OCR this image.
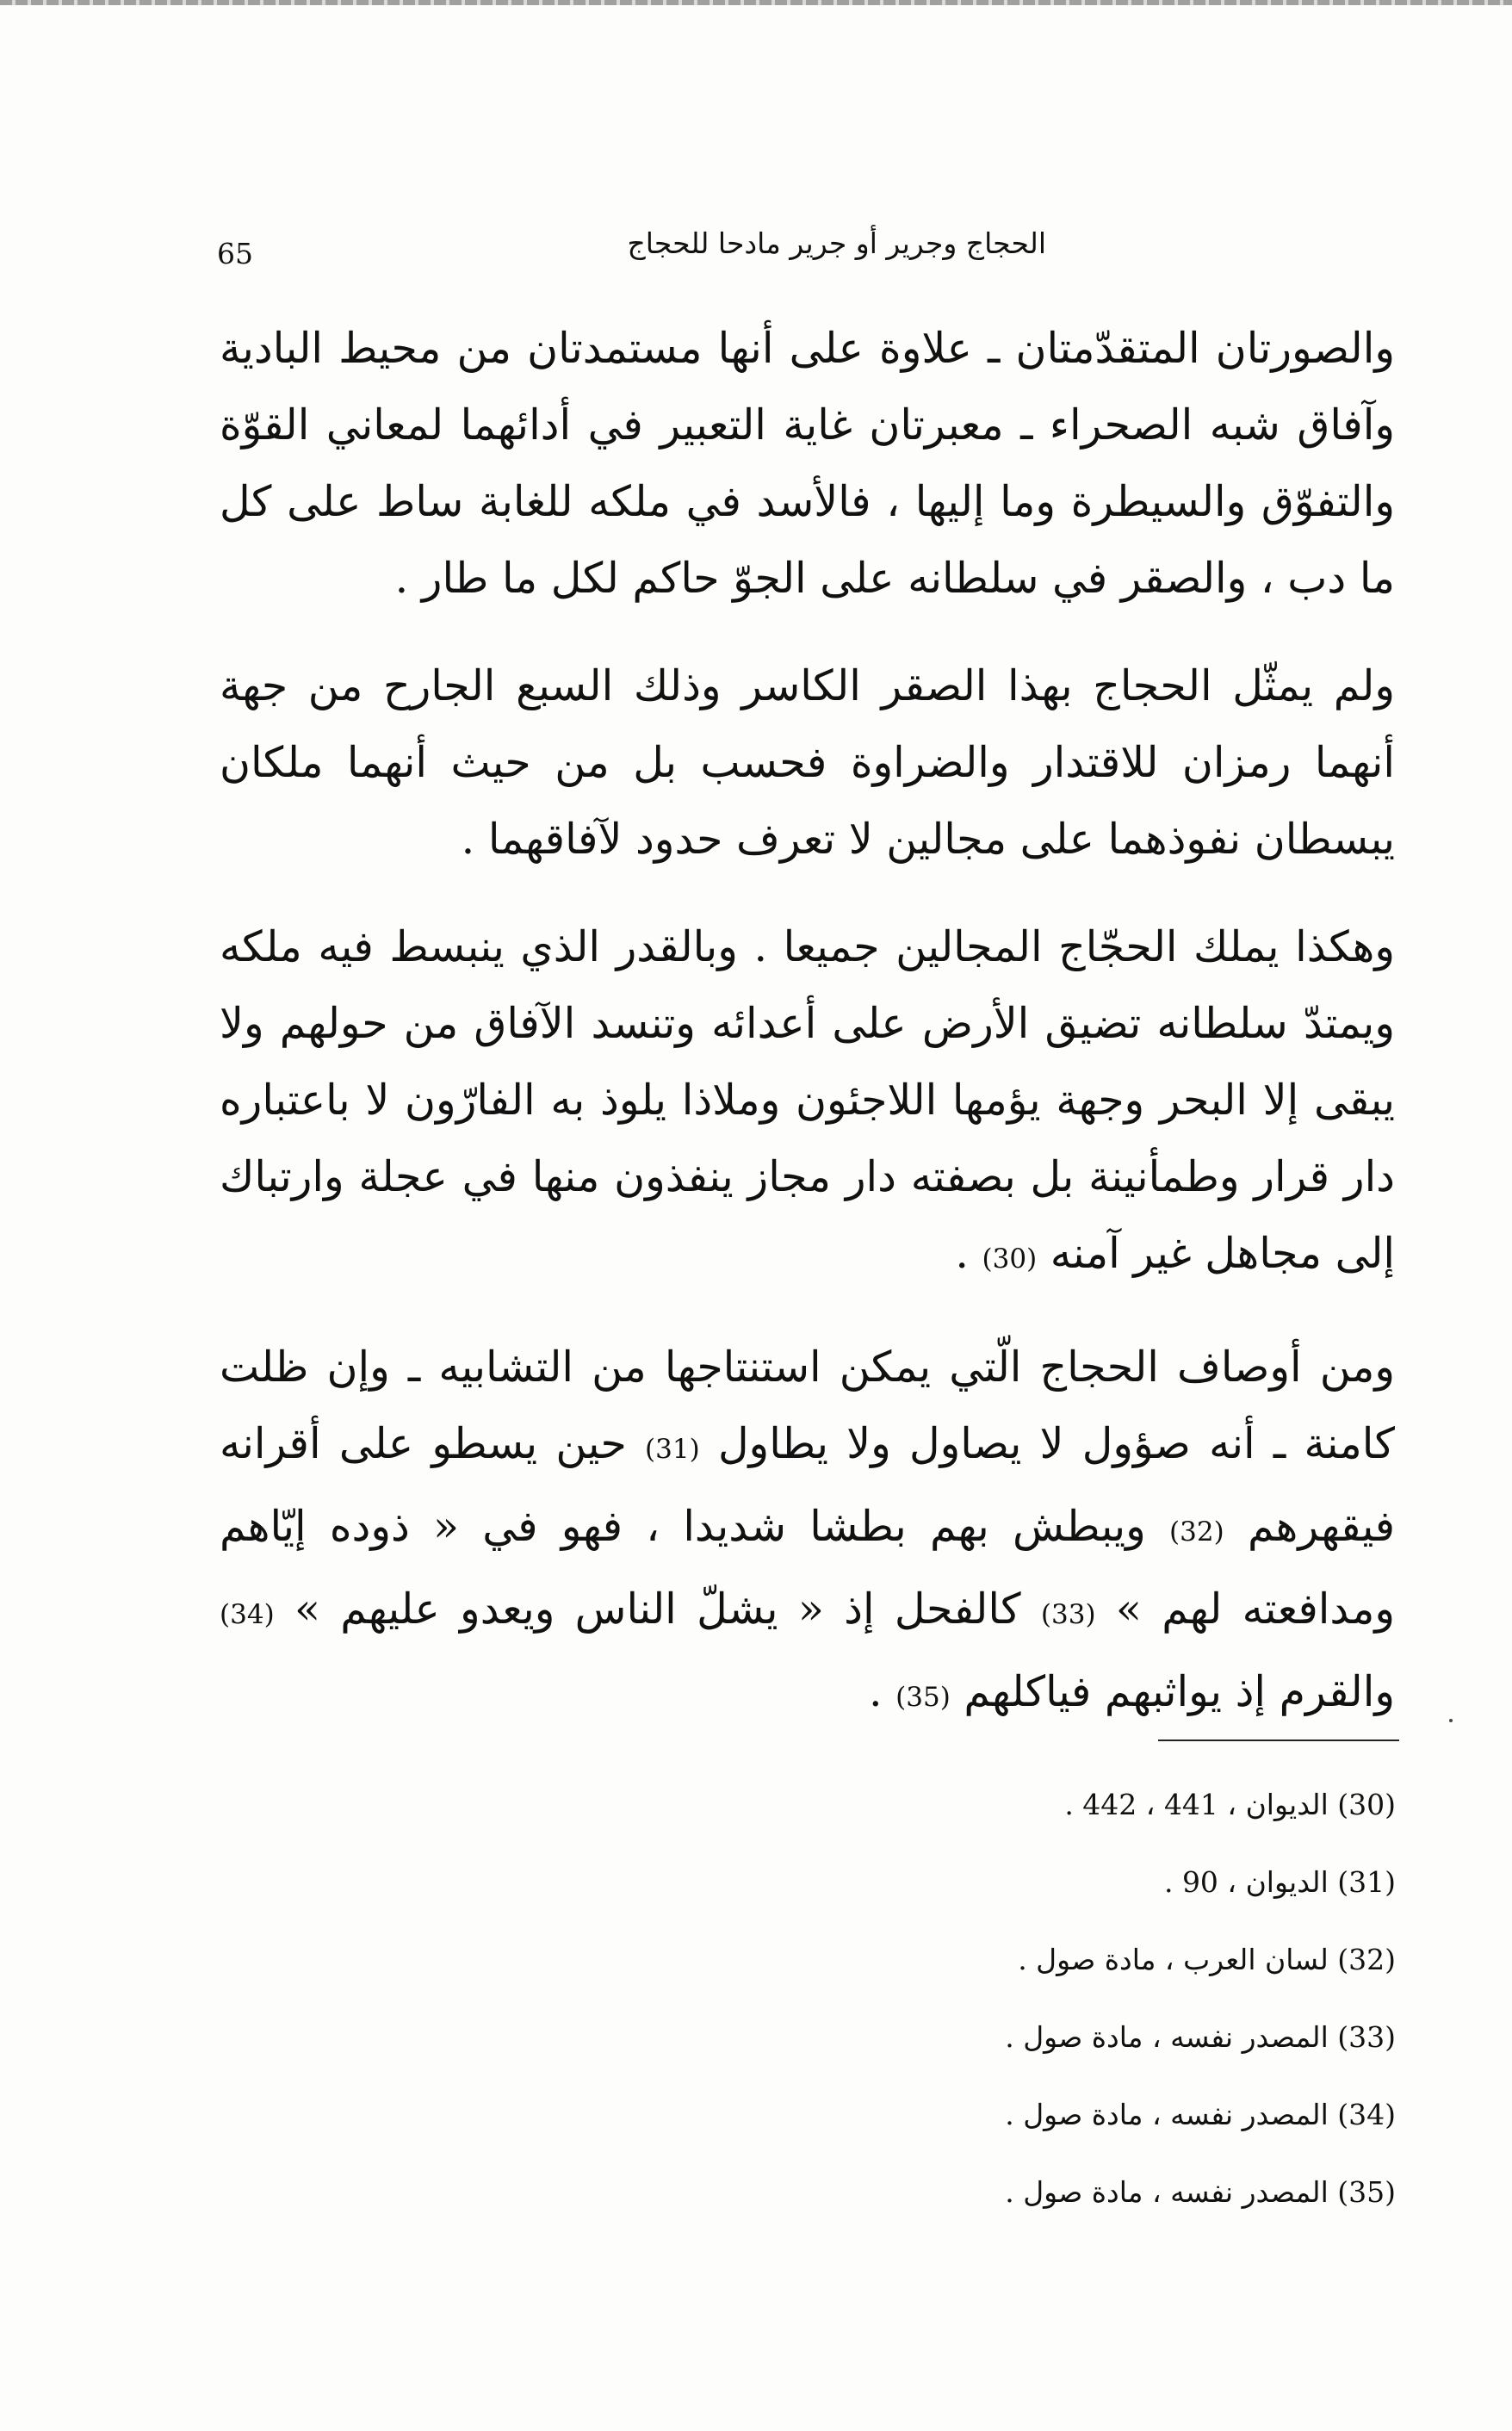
65	الحجاج وجرير أو جرير مادحا للحجاج

والصورتان المتقدّمتان ـ علاوة على أنها مستمدتان من محيط البادية وآفاق شبه الصحراء ـ معبرتان غاية التعبير في أدائهما لمعاني القوّة والتفوّق والسيطرة وما إليها ، فالأسد في ملكه للغابة ساط على كل ما دب ، والصقر في سلطانه على الجوّ حاكم لكل ما طار .

ولم يمثّل الحجاج بهذا الصقر الكاسر وذلك السبع الجارح من جهة أنهما رمزان للاقتدار والضراوة فحسب بل من حيث أنهما ملكان يبسطان نفوذهما على مجالين لا تعرف حدود لآفاقهما .

وهكذا يملك الحجّاج المجالين جميعا . وبالقدر الذي ينبسط فيه ملكه ويمتدّ سلطانه تضيق الأرض على أعدائه وتنسد الآفاق من حولهم ولا يبقى إلا البحر وجهة يؤمها اللاجئون وملاذا يلوذ به الفارّون لا باعتباره دار قرار وطمأنينة بل بصفته دار مجاز ينفذون منها في عجلة وارتباك إلى مجاهل غير آمنه (30) .

ومن أوصاف الحجاج الّتي يمكن استنتاجها من التشابيه ـ وإن ظلت كامنة ـ أنه صؤول لا يصاول ولا يطاول (31) حين يسطو على أقرانه فيقهرهم (32) ويبطش بهم بطشا شديدا ، فهو في « ذوده إيّاهم ومدافعته لهم » (33) كالفحل إذ « يشلّ الناس ويعدو عليهم » (34) والقرم إذ يواثبهم فياكلهم (35) .

(30) الديوان ، 441 ، 442 .
(31) الديوان ، 90 .
(32) لسان العرب ، مادة صول .
(33) المصدر نفسه ، مادة صول .
(34) المصدر نفسه ، مادة صول .
(35) المصدر نفسه ، مادة صول .
